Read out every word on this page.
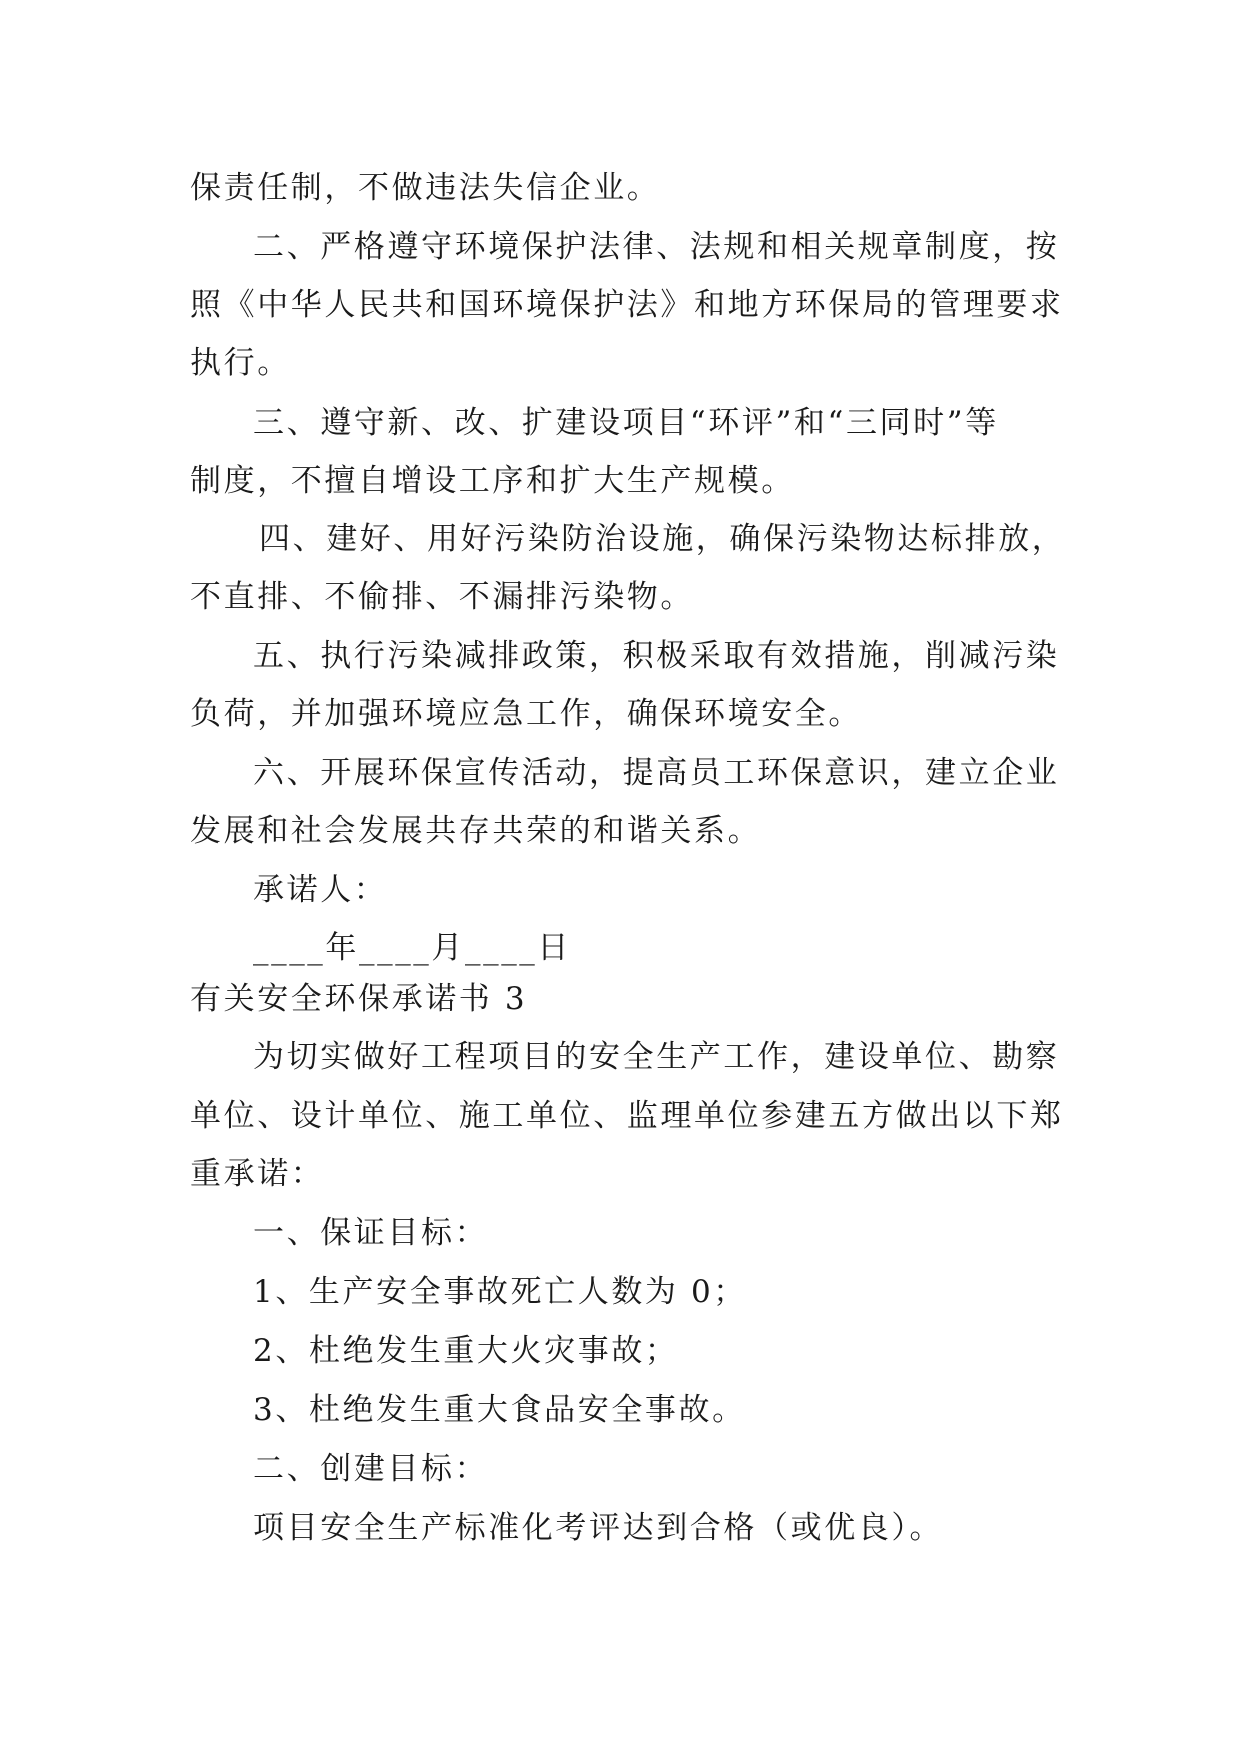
保责任制，不做违法失信企业。
二、严格遵守环境保护法律、法规和相关规章制度，按
照《中华人民共和国环境保护法》和地方环保局的管理要求
执行。
三、遵守新、改、扩建设项目“环评”和“三同时”等
制度，不擅自增设工序和扩大生产规模。
四、建好、用好污染防治设施，确保污染物达标排放，
不直排、不偷排、不漏排污染物。
五、执行污染减排政策，积极采取有效措施，削减污染
负荷，并加强环境应急工作，确保环境安全。
六、开展环保宣传活动，提高员工环保意识，建立企业
发展和社会发展共存共荣的和谐关系。
承诺人：
____年____月____日
有关安全环保承诺书 3
为切实做好工程项目的安全生产工作，建设单位、勘察
单位、设计单位、施工单位、监理单位参建五方做出以下郑
重承诺：
一、保证目标：
1、生产安全事故死亡人数为 0；
2、杜绝发生重大火灾事故；
3、杜绝发生重大食品安全事故。
二、创建目标：
项目安全生产标准化考评达到合格（或优良）。
